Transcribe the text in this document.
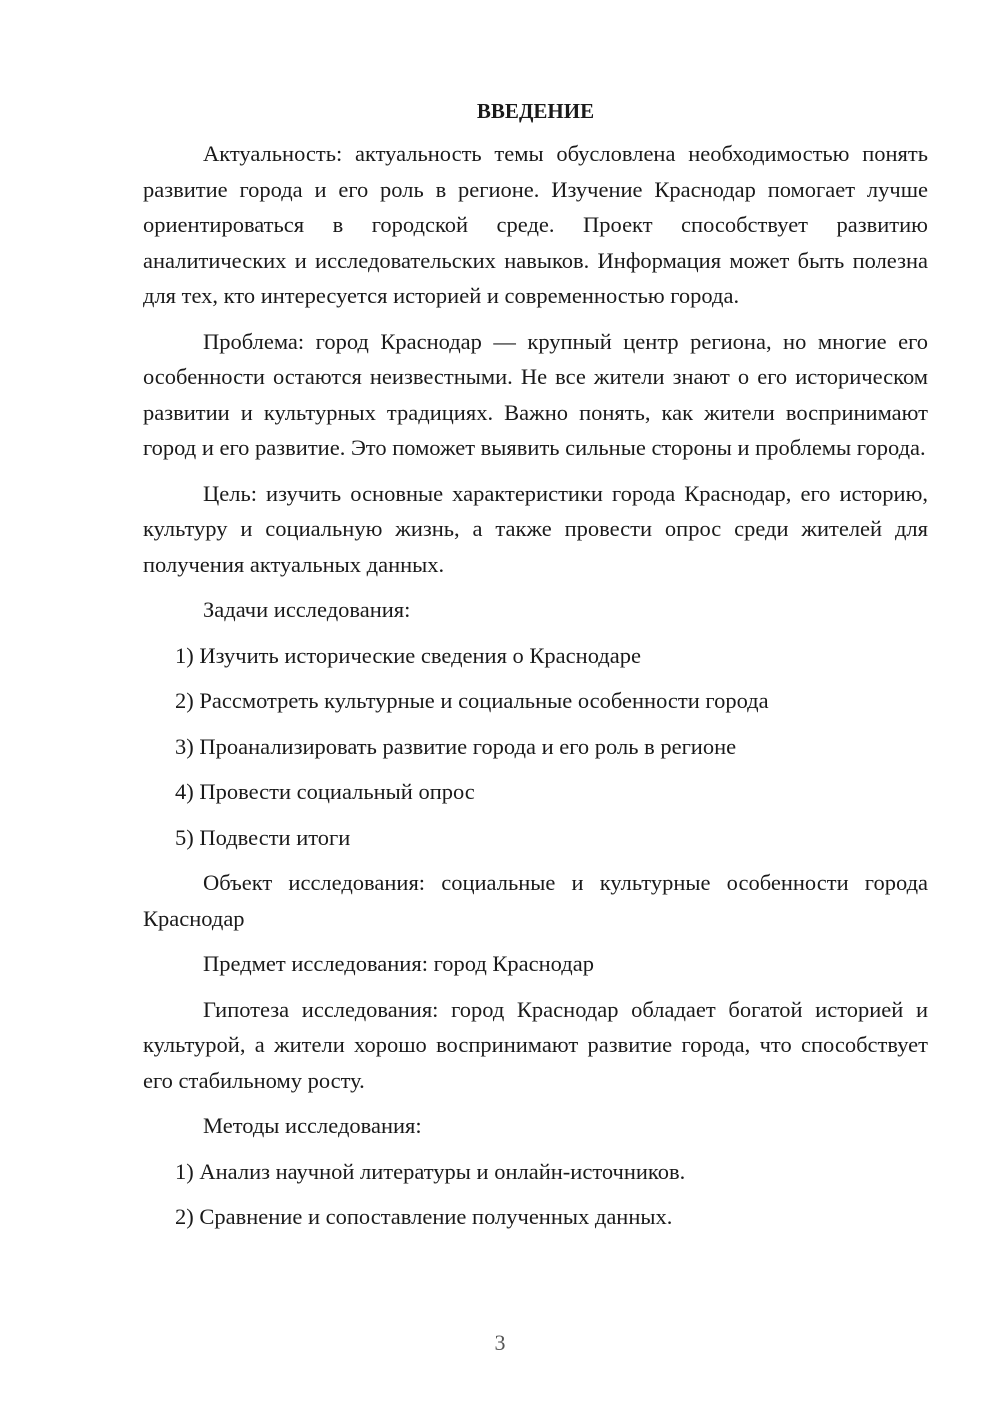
ВВЕДЕНИЕ

Актуальность: актуальность темы обусловлена необходимостью понять развитие города и его роль в регионе. Изучение Краснодар помогает лучше ориентироваться в городской среде. Проект способствует развитию аналитических и исследовательских навыков. Информация может быть полезна для тех, кто интересуется историей и современностью города.

Проблема: город Краснодар — крупный центр региона, но многие его особенности остаются неизвестными. Не все жители знают о его историческом развитии и культурных традициях. Важно понять, как жители воспринимают город и его развитие. Это поможет выявить сильные стороны и проблемы города.

Цель: изучить основные характеристики города Краснодар, его историю, культуру и социальную жизнь, а также провести опрос среди жителей для получения актуальных данных.

Задачи исследования:

1) Изучить исторические сведения о Краснодаре

2) Рассмотреть культурные и социальные особенности города

3) Проанализировать развитие города и его роль в регионе

4) Провести социальный опрос

5) Подвести итоги

Объект исследования: социальные и культурные особенности города Краснодар

Предмет исследования: город Краснодар

Гипотеза исследования: город Краснодар обладает богатой историей и культурой, а жители хорошо воспринимают развитие города, что способствует его стабильному росту.

Методы исследования:

1) Анализ научной литературы и онлайн-источников.

2) Сравнение и сопоставление полученных данных.

3
